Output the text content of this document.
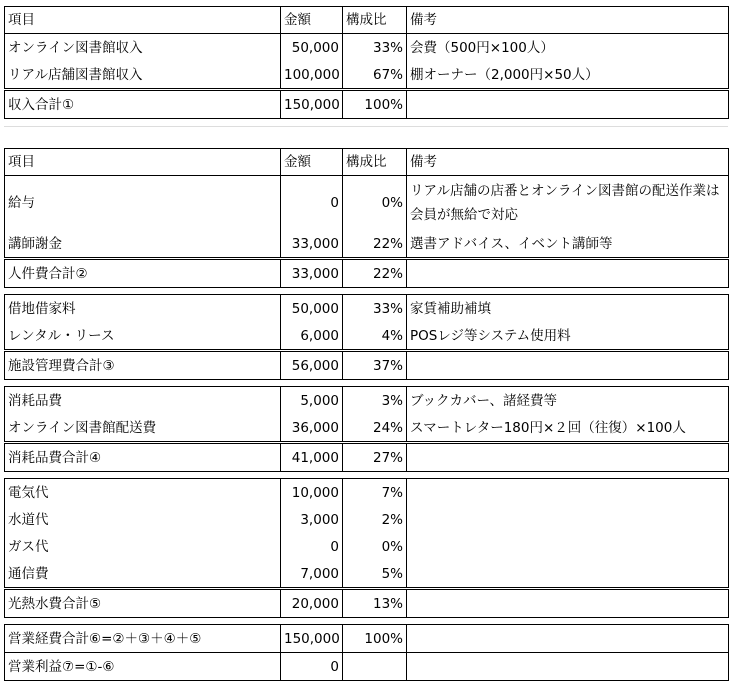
項目	金額	構成比	備考
オンライン図書館収入	50,000	33%	会費（500円×100人）
リアル店舗図書館収入	100,000	67%	棚オーナー（2,000円×50人）
収入合計①	150,000	100%	
項目	金額	構成比	備考
給与	0	0%	リアル店舗の店番とオンライン図書館の配送作業は会員が無給で対応
講師謝金	33,000	22%	選書アドバイス、イベント講師等
人件費合計②	33,000	22%	

借地借家料	50,000	33%	家賃補助補填
レンタル・リース	6,000	4%	POSレジ等システム使用料
施設管理費合計③	56,000	37%	

消耗品費	5,000	3%	ブックカバー、諸経費等
オンライン図書館配送費	36,000	24%	スマートレター180円×２回（往復）×100人
消耗品費合計④	41,000	27%	

電気代	10,000	7%	
水道代	3,000	2%	
ガス代	0	0%	
通信費	7,000	5%	
光熱水費合計⑤	20,000	13%	

営業経費合計⑥=②＋③＋④＋⑤	150,000	100%	
営業利益⑦=①-⑥	0		
